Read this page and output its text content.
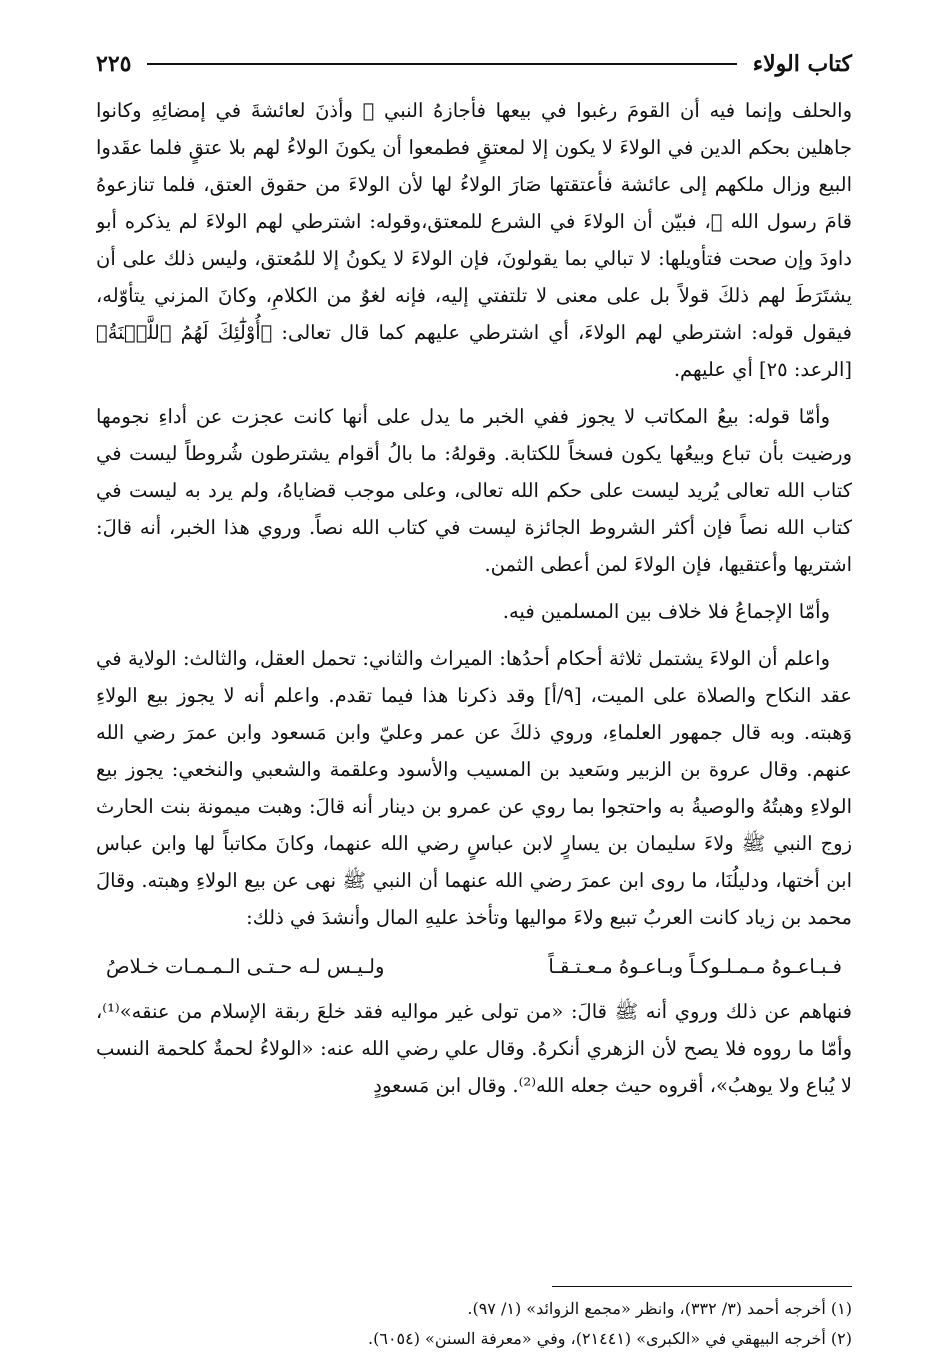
كتاب الولاء
٢٢٥

والحلف وإنما فيه أن القومَ رغبوا في بيعها فأجازهُ النبي ﷺ وأذنَ لعائشةَ في إمضائِهِ وكانوا جاهلين بحكم الدين في الولاءَ لا يكون إلا لمعتقٍ فطمعوا أن يكونَ الولاءُ لهم بلا عتقٍ فلما عقَدوا البيع وزال ملكهم إلى عائشة فأعتقتها صَارَ الولاءُ لها لأن الولاءَ من حقوق العتق، فلما تنازعوهُ قامَ رسول الله ﷺ، فبيّن أن الولاءَ في الشرع للمعتق،وقوله: اشترطي لهم الولاءَ لم يذكره أبو داودَ وإن صحت فتأويلها: لا تبالي بما يقولونَ، فإن الولاءَ لا يكونُ إلا للمُعتق، وليس ذلك على أن يشتَرَطَ لهم ذلكَ قولاً بل على معنى لا تلتفتي إليه، فإنه لغوٌ من الكلامِ، وكانَ المزني يتأوّله، فيقول قوله: اشترطي لهم الولاءَ، أي اشترطي عليهم كما قال تعالى: ﴿أُوْلَٰٓئِكَ لَهُمُ ٱللَّعۡنَةُ﴾ [الرعد: ٢٥] أي عليهم.

وأمّا قوله: بيعُ المكاتب لا يجوز ففي الخبر ما يدل على أنها كانت عجزت عن أداءِ نجومها ورضيت بأن تباع وبيعُها يكون فسخاً للكتابة. وقولهُ: ما بالُ أقوام يشترطون شُروطاً ليست في كتاب الله تعالى يُريد ليست على حكم الله تعالى، وعلى موجب قضاياهُ، ولم يرد به ليست في كتاب الله نصاً فإن أكثر الشروط الجائزة ليست في كتاب الله نصاً. وروي هذا الخبر، أنه قالَ: اشتريها وأعتقيها، فإن الولاءَ لمن أعطى الثمن.

وأمّا الإجماعُ فلا خلاف بين المسلمين فيه.

واعلم أن الولاءَ يشتمل ثلاثة أحكام أحدُها: الميراث والثاني: تحمل العقل، والثالث: الولاية في عقد النكاح والصلاة على الميت، [٩/أ] وقد ذكرنا هذا فيما تقدم. واعلم أنه لا يجوز بيع الولاءِ وَهبته. وبه قال جمهور العلماءِ، وروي ذلكَ عن عمر وعليّ وابن مَسعود وابن عمرَ رضي الله عنهم. وقال عروة بن الزبير وسَعيد بن المسيب والأسود وعلقمة والشعبي والنخعي: يجوز بيع الولاءِ وهبتُهُ والوصيةُ به واحتجوا بما روي عن عمرو بن دينار أنه قالَ: وهبت ميمونة بنت الحارث زوج النبي ﷺ ولاءَ سليمان بن يسارٍ لابن عباسٍ رضي الله عنهما، وكانَ مكاتباً لها وابن عباس ابن أختها، ودليلُنَا، ما روى ابن عمرَ رضي الله عنهما أن النبي ﷺ نهى عن بيع الولاءِ وهبته. وقالَ محمد بن زياد كانت العربُ تبيع ولاءَ مواليها وتأخذ عليهِ المال وأنشدَ في ذلك:

فـبـاعـوهُ مـمـلـوكـاً وبـاعـوهُ مـعـتـقـاً
ولـيـس لـه حـتـى الـمـمـات خـلاصُ

فنهاهم عن ذلك وروي أنه ﷺ قالَ: «من تولى غير مواليه فقد خلعَ ربقة الإسلام من عنقه»⁽¹⁾، وأمّا ما رووه فلا يصح لأن الزهري أنكرهُ. وقال علي رضي الله عنه: «الولاءُ لحمةٌ كلحمة النسب لا يُباع ولا يوهبُ»، أقروه حيث جعله الله⁽²⁾. وقال ابن مَسعودٍ

(١) أخرجه أحمد (٣/ ٣٣٢)، وانظر «مجمع الزوائد» (١/ ٩٧).
(٢) أخرجه البيهقي في «الكبرى» (٢١٤٤١)، وفي «معرفة السنن» (٦٠٥٤).
